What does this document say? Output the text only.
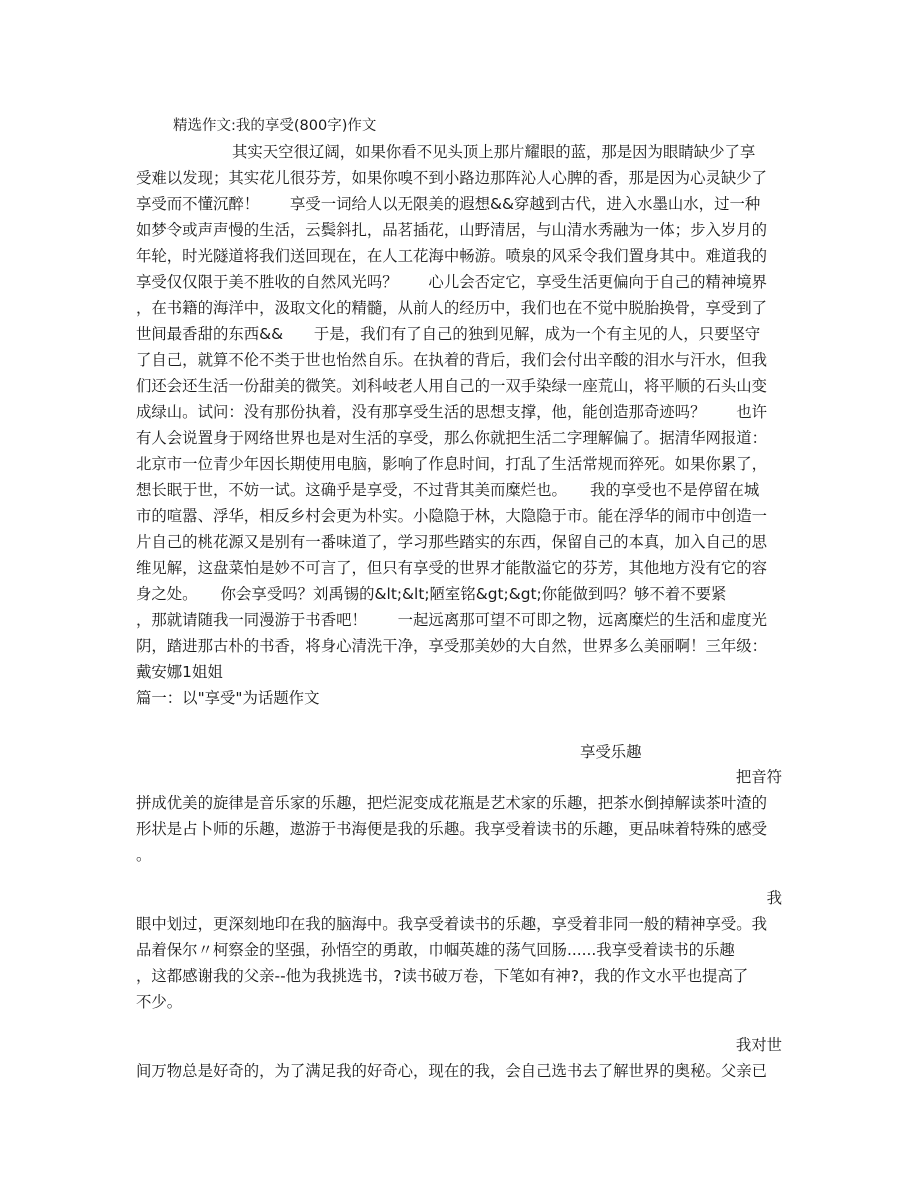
精选作文:我的享受(800字)作文
其实天空很辽阔，如果你看不见头顶上那片耀眼的蓝，那是因为眼睛缺少了享
受难以发现；其实花儿很芬芳，如果你嗅不到小路边那阵沁人心脾的香，那是因为心灵缺少了
享受而不懂沉醉！　　享受一词给人以无限美的遐想&&穿越到古代，进入水墨山水，过一种
如梦令或声声慢的生活，云鬓斜扎，品茗插花，山野清居，与山清水秀融为一体；步入岁月的
年轮，时光隧道将我们送回现在，在人工花海中畅游。喷泉的风采令我们置身其中。难道我的
享受仅仅限于美不胜收的自然风光吗？　　心儿会否定它，享受生活更偏向于自己的精神境界
，在书籍的海洋中，汲取文化的精髓，从前人的经历中，我们也在不觉中脱胎换骨，享受到了
世间最香甜的东西&&　　于是，我们有了自己的独到见解，成为一个有主见的人，只要坚守
了自己，就算不伦不类于世也怡然自乐。在执着的背后，我们会付出辛酸的泪水与汗水，但我
们还会还生活一份甜美的微笑。刘科岐老人用自己的一双手染绿一座荒山，将平顺的石头山变
成绿山。试问：没有那份执着，没有那享受生活的思想支撑，他，能创造那奇迹吗？　　也许
有人会说置身于网络世界也是对生活的享受，那么你就把生活二字理解偏了。据清华网报道：
北京市一位青少年因长期使用电脑，影响了作息时间，打乱了生活常规而猝死。如果你累了，
想长眠于世，不妨一试。这确乎是享受，不过背其美而糜烂也。　　我的享受也不是停留在城
市的喧嚣、浮华，相反乡村会更为朴实。小隐隐于林，大隐隐于市。能在浮华的闹市中创造一
片自己的桃花源又是别有一番味道了，学习那些踏实的东西，保留自己的本真，加入自己的思
维见解，这盘菜怕是妙不可言了，但只有享受的世界才能散溢它的芬芳，其他地方没有它的容
身之处。　　你会享受吗？刘禹锡的&lt;&lt;陋室铭&gt;&gt;你能做到吗？够不着不要紧
，那就请随我一同漫游于书香吧！　　一起远离那可望不可即之物，远离糜烂的生活和虚度光
阴，踏进那古朴的书香，将身心清洗干净，享受那美妙的大自然，世界多么美丽啊！三年级：
戴安娜1姐姐
篇一：以"享受"为话题作文
享受乐趣
把音符
拼成优美的旋律是音乐家的乐趣，把烂泥变成花瓶是艺术家的乐趣，把茶水倒掉解读茶叶渣的
形状是占卜师的乐趣，遨游于书海便是我的乐趣。我享受着读书的乐趣，更品味着特殊的感受
。
我
眼中划过，更深刻地印在我的脑海中。我享受着读书的乐趣，享受着非同一般的精神享受。我
品着保尔〃柯察金的坚强，孙悟空的勇敢，巾帼英雄的荡气回肠......我享受着读书的乐趣
，这都感谢我的父亲--他为我挑选书，?读书破万卷，下笔如有神?，我的作文水平也提高了
不少。
我对世
间万物总是好奇的，为了满足我的好奇心，现在的我，会自己选书去了解世界的奥秘。父亲已
